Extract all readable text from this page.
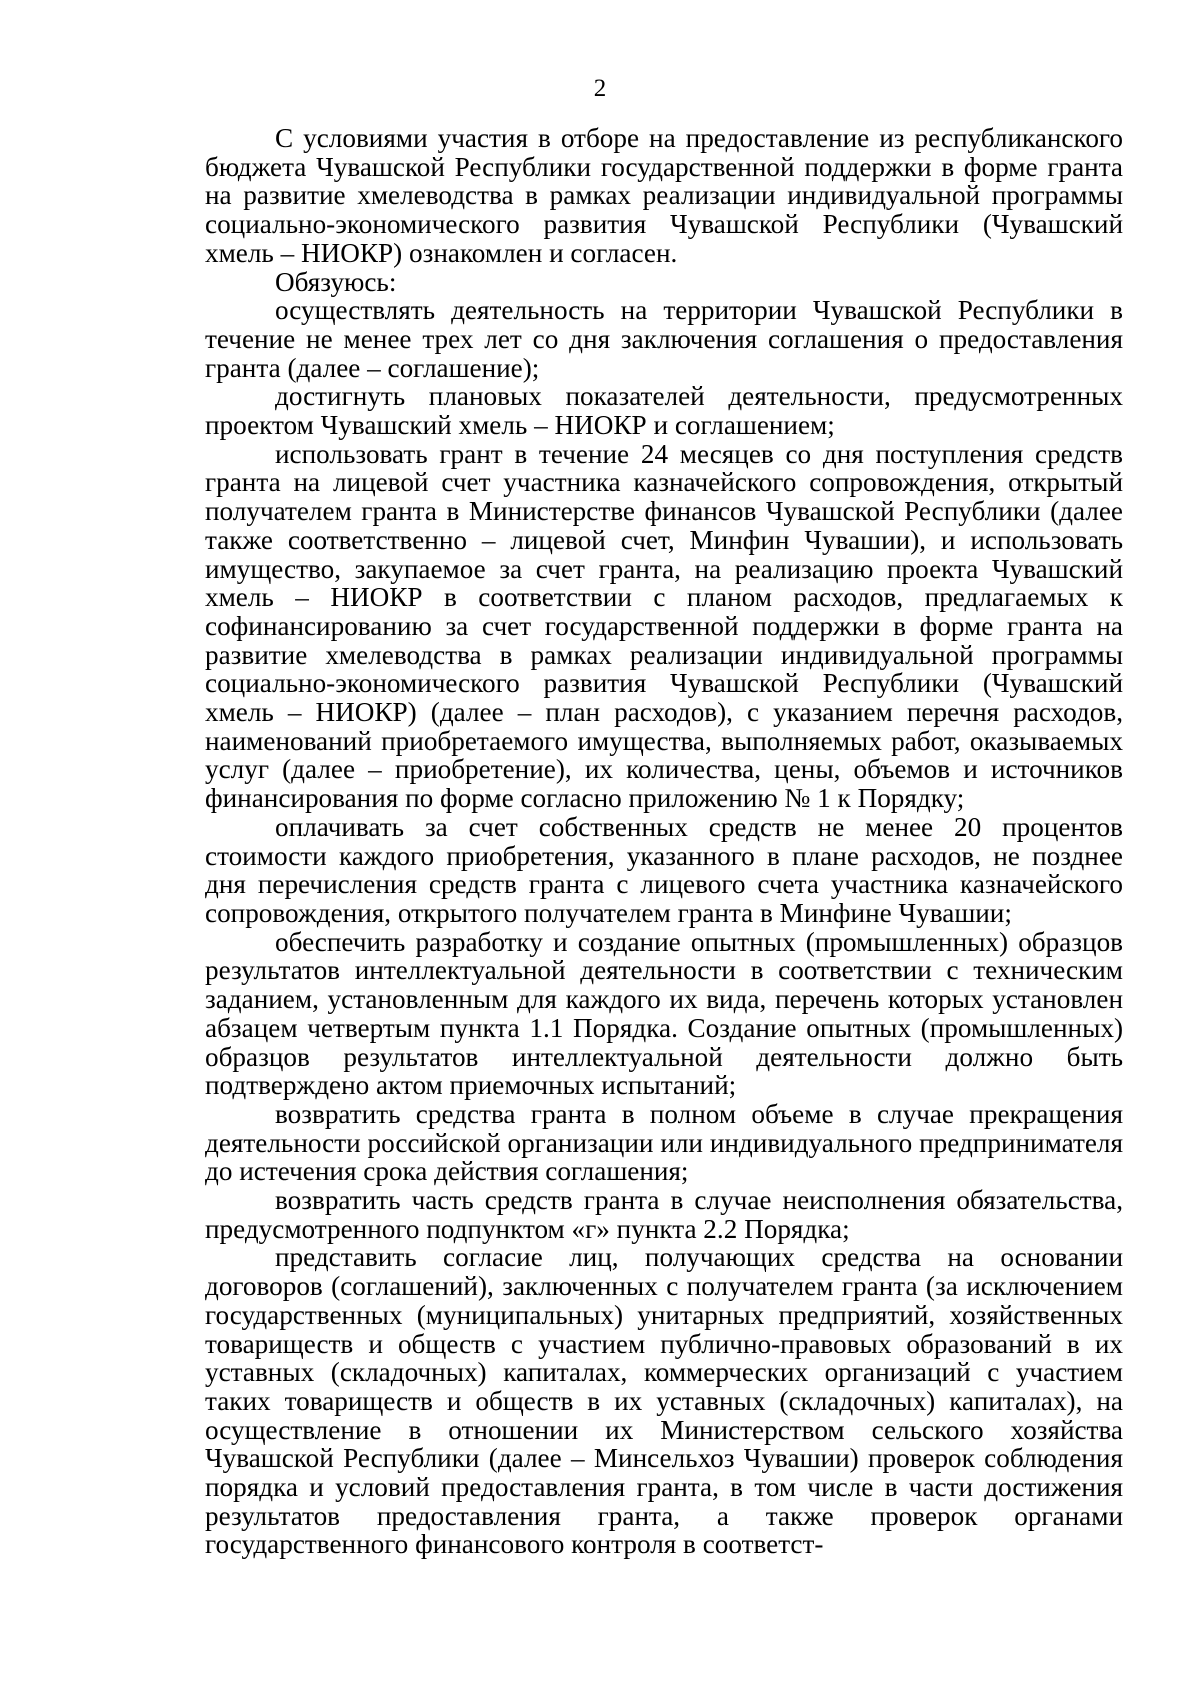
2

С условиями участия в отборе на предоставление из республиканского бюджета Чувашской Республики государственной поддержки в форме гранта на развитие хмелеводства в рамках реализации индивидуальной программы социально-экономического развития Чувашской Республики (Чувашский хмель – НИОКР) ознакомлен и согласен.

Обязуюсь:

осуществлять деятельность на территории Чувашской Республики в течение не менее трех лет со дня заключения соглашения о предоставления гранта (далее – соглашение);

достигнуть плановых показателей деятельности, предусмотренных проектом Чувашский хмель – НИОКР и соглашением;

использовать грант в течение 24 месяцев со дня поступления средств гранта на лицевой счет участника казначейского сопровождения, открытый получателем гранта в Министерстве финансов Чувашской Республики (далее также соответственно – лицевой счет, Минфин Чувашии), и использовать имущество, закупаемое за счет гранта, на реализацию проекта Чувашский хмель – НИОКР в соответствии с планом расходов, предлагаемых к софинансированию за счет государственной поддержки в форме гранта на развитие хмелеводства в рамках реализации индивидуальной программы социально-экономического развития Чувашской Республики (Чувашский хмель – НИОКР) (далее – план расходов), с указанием перечня расходов, наименований приобретаемого имущества, выполняемых работ, оказываемых услуг (далее – приобретение), их количества, цены, объемов и источников финансирования по форме согласно приложению № 1 к Порядку;

оплачивать за счет собственных средств не менее 20 процентов стоимости каждого приобретения, указанного в плане расходов, не позднее дня перечисления средств гранта с лицевого счета участника казначейского сопровождения, открытого получателем гранта в Минфине Чувашии;

обеспечить разработку и создание опытных (промышленных) образцов результатов интеллектуальной деятельности в соответствии с техническим заданием, установленным для каждого их вида, перечень которых установлен абзацем четвертым пункта 1.1 Порядка. Создание опытных (промышленных) образцов результатов интеллектуальной деятельности должно быть подтверждено актом приемочных испытаний;

возвратить средства гранта в полном объеме в случае прекращения деятельности российской организации или индивидуального предпринимателя до истечения срока действия соглашения;

возвратить часть средств гранта в случае неисполнения обязательства, предусмотренного подпунктом «г» пункта 2.2 Порядка;

представить согласие лиц, получающих средства на основании договоров (соглашений), заключенных с получателем гранта (за исключением государственных (муниципальных) унитарных предприятий, хозяйственных товариществ и обществ с участием публично-правовых образований в их уставных (складочных) капиталах, коммерческих организаций с участием таких товариществ и обществ в их уставных (складочных) капиталах), на осуществление в отношении их Министерством сельского хозяйства Чувашской Республики (далее – Минсельхоз Чувашии) проверок соблюдения порядка и условий предоставления гранта, в том числе в части достижения результатов предоставления гранта, а также проверок органами государственного финансового контроля в соответст-
